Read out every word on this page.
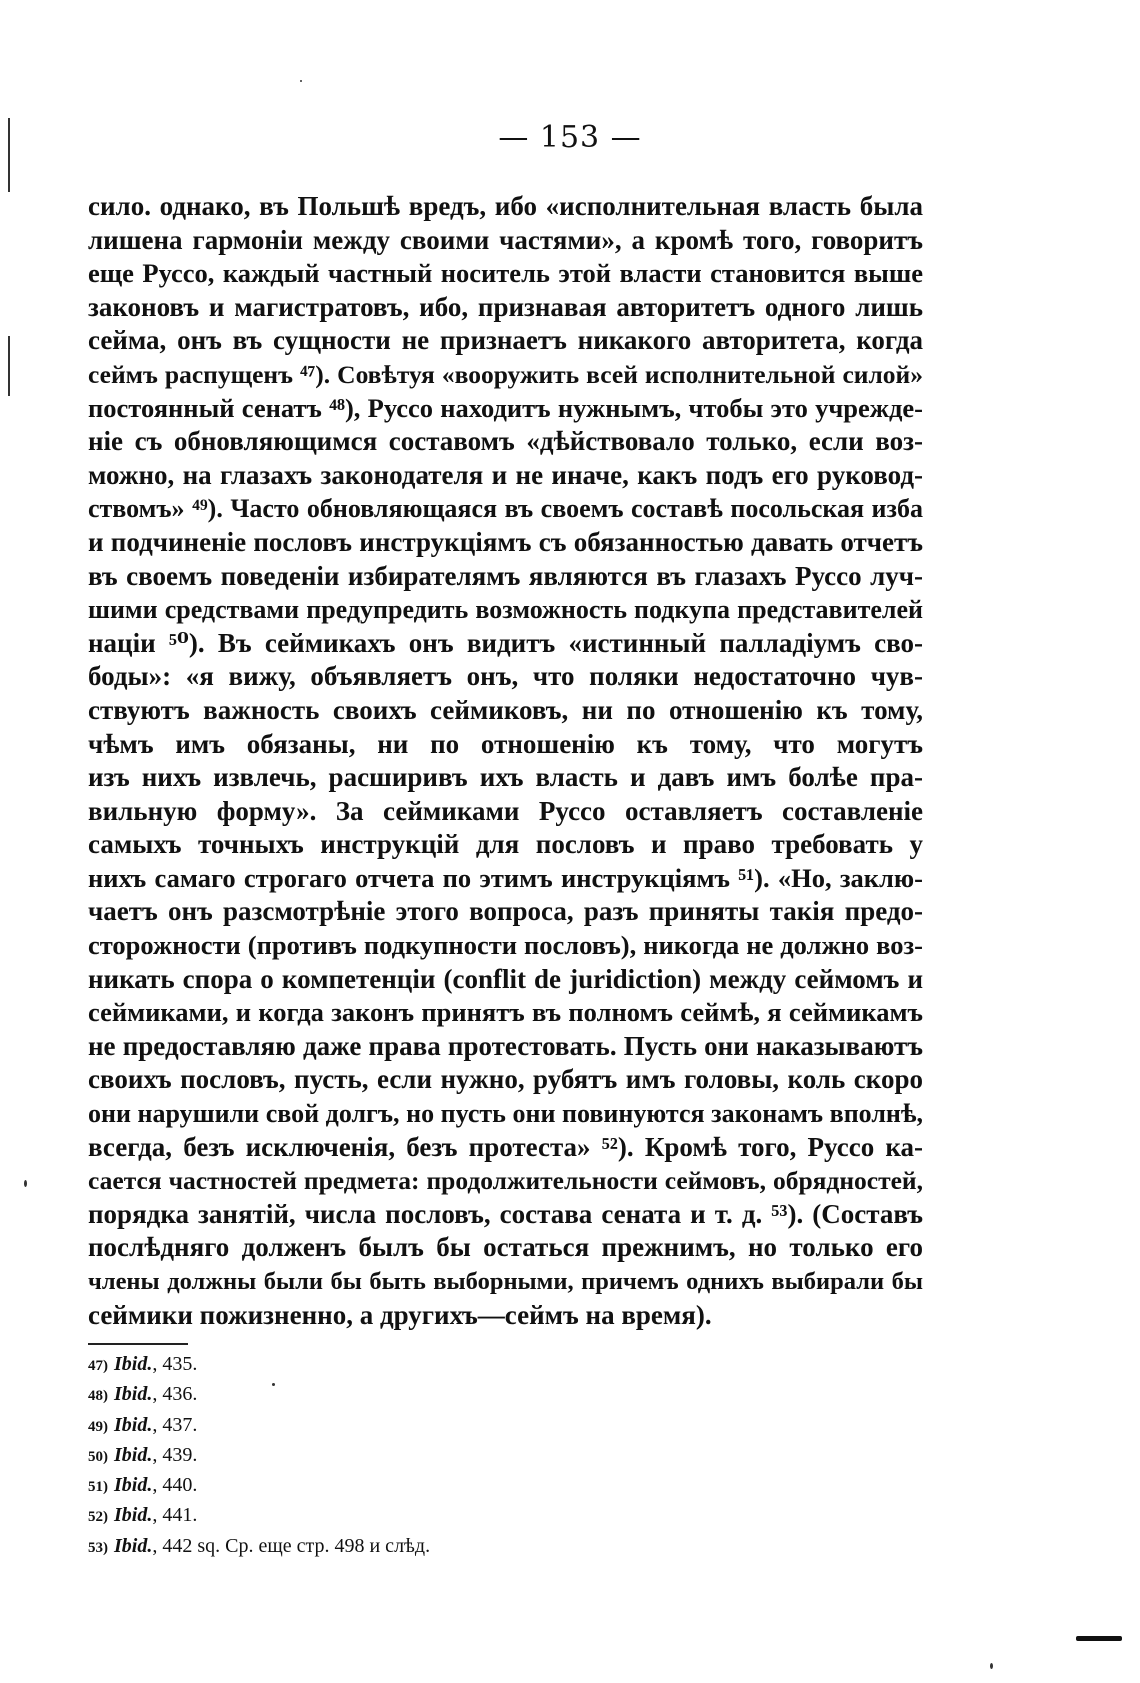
— 153 —
сило. однако, въ Польшѣ вредъ, ибо «исполнительная власть была
лишена гармоніи между своими частями», а кромѣ того, говоритъ
еще Руссо, каждый частный носитель этой власти становится выше
законовъ и магистратовъ, ибо, признавая авторитетъ одного лишь
сейма, онъ въ сущности не признаетъ никакого авторитета, когда
сеймъ распущенъ ⁴⁷). Совѣтуя «вооружить всей исполнительной силой»
постоянный сенатъ ⁴⁸), Руссо находитъ нужнымъ, чтобы это учрежде-
ніе съ обновляющимся составомъ «дѣйствовало только, если воз-
можно, на глазахъ законодателя и не иначе, какъ подъ его руковод-
ствомъ» ⁴⁹). Часто обновляющаяся въ своемъ составѣ посольская изба
и подчиненіе пословъ инструкціямъ съ обязанностью давать отчетъ
въ своемъ поведеніи избирателямъ являются въ глазахъ Руссо луч-
шими средствами предупредить возможность подкупа представителей
націи ⁵⁰). Въ сеймикахъ онъ видитъ «истинный палладіумъ сво-
боды»: «я вижу, объявляетъ онъ, что поляки недостаточно чув-
ствуютъ важность своихъ сеймиковъ, ни по отношенію къ тому,
чѣмъ имъ обязаны, ни по отношенію къ тому, что могутъ
изъ нихъ извлечь, расширивъ ихъ власть и давъ имъ болѣе пра-
вильную форму». За сеймиками Руссо оставляетъ составленіе
самыхъ точныхъ инструкцій для пословъ и право требовать у
нихъ самаго строгаго отчета по этимъ инструкціямъ ⁵¹). «Но, заклю-
чаетъ онъ разсмотрѣніе этого вопроса, разъ приняты такія предо-
сторожности (противъ подкупности пословъ), никогда не должно воз-
никать спора о компетенціи (conflit de juridiction) между сеймомъ и
сеймиками, и когда законъ принятъ въ полномъ сеймѣ, я сеймикамъ
не предоставляю даже права протестовать. Пусть они наказываютъ
своихъ пословъ, пусть, если нужно, рубятъ имъ головы, коль скоро
они нарушили свой долгъ, но пусть они повинуются законамъ вполнѣ,
всегда, безъ исключенія, безъ протеста» ⁵²). Кромѣ того, Руссо ка-
сается частностей предмета: продолжительности сеймовъ, обрядностей,
порядка занятій, числа пословъ, состава сената и т. д. ⁵³). (Составъ
послѣдняго долженъ былъ бы остаться прежнимъ, но только его
члены должны были бы быть выборными, причемъ однихъ выбирали бы
сеймики пожизненно, а другихъ—сеймъ на время).
47) Ibid., 435.
48) Ibid., 436.
49) Ibid., 437.
50) Ibid., 439.
51) Ibid., 440.
52) Ibid., 441.
53) Ibid., 442 sq. Ср. еще стр. 498 и слѣд.
